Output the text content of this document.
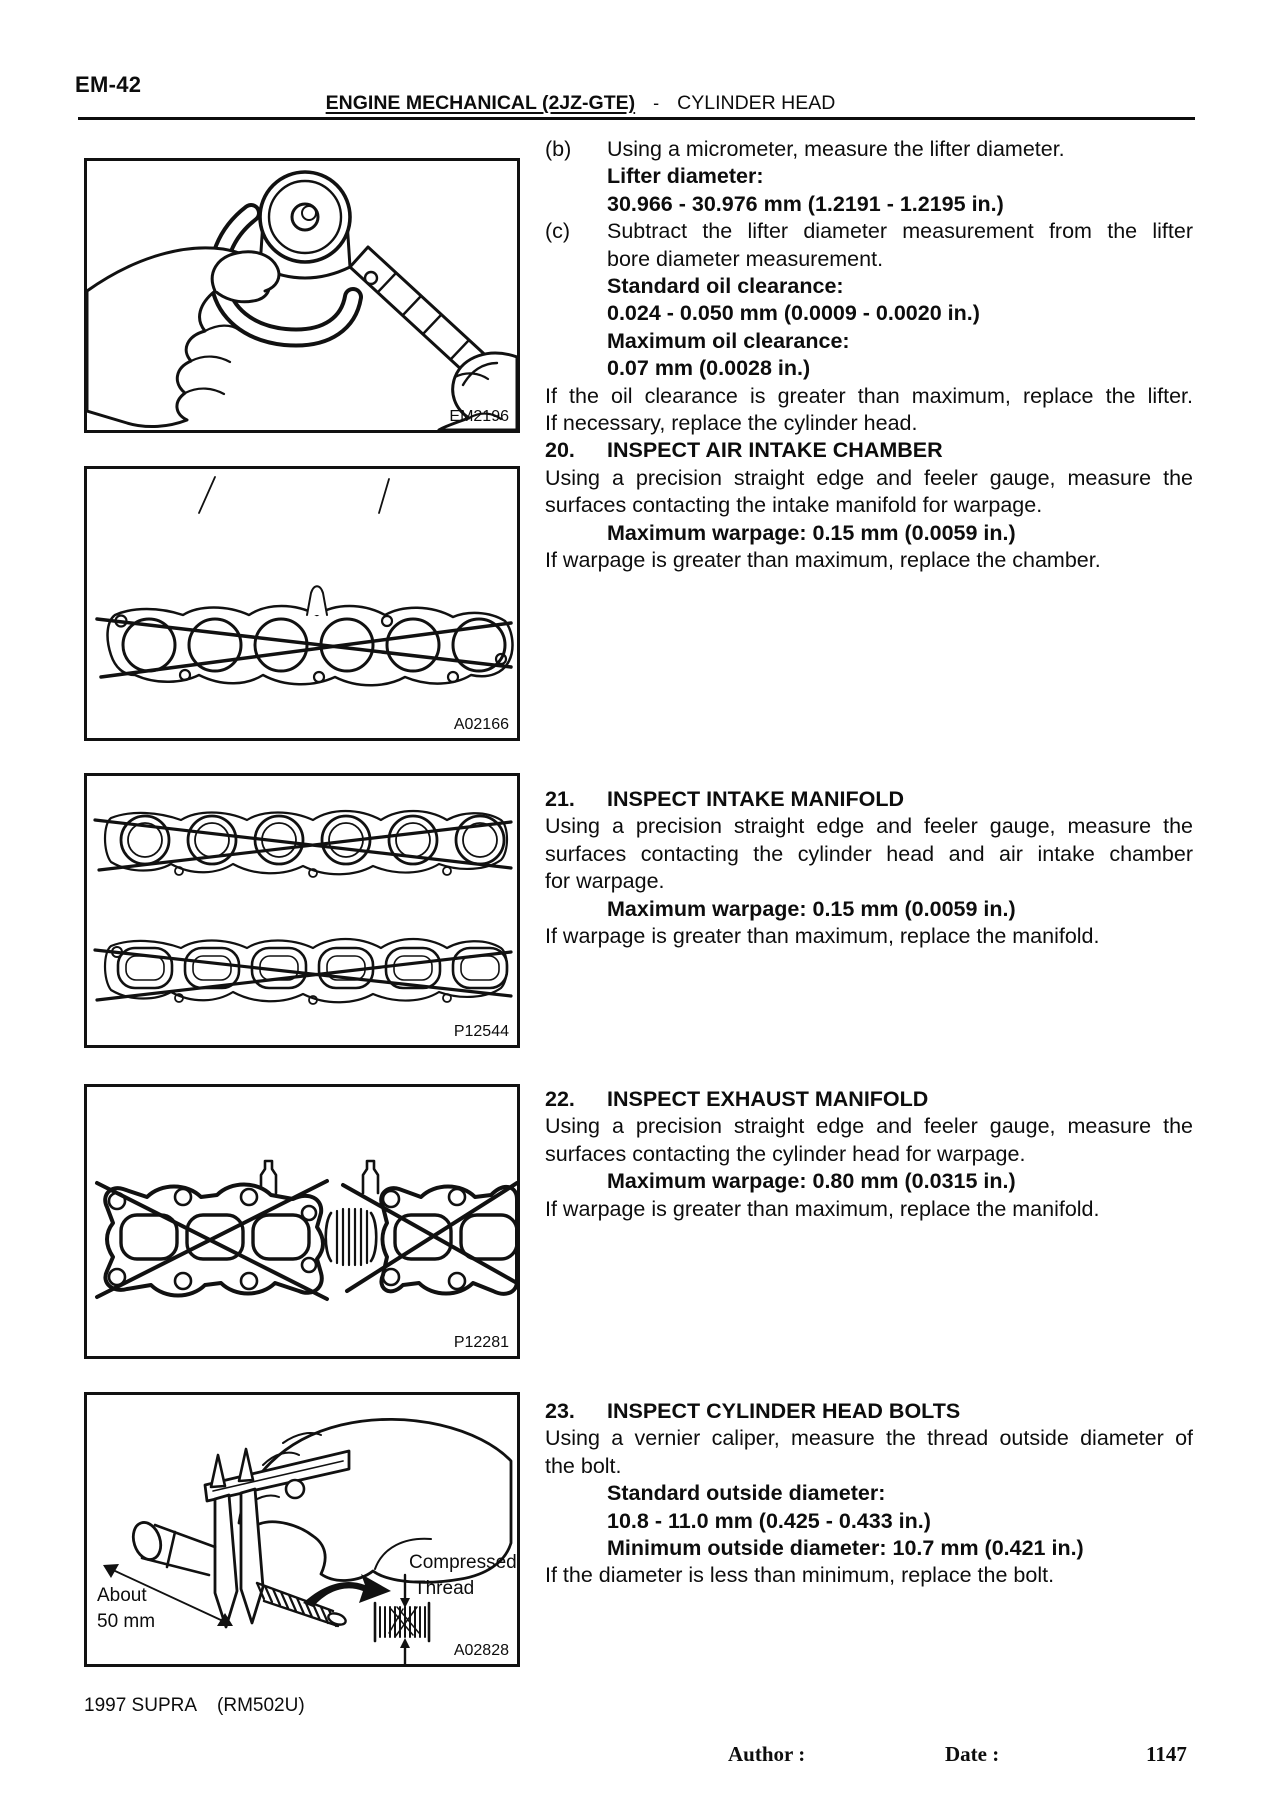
EM-42
ENGINE MECHANICAL (2JZ-GTE) - CYLINDER HEAD
EM2196
A02166
P12544
P12281
About
50 mm
Compressed
Thread
A02828
(b) Using a micrometer, measure the lifter diameter.
Lifter diameter:
30.966 - 30.976 mm (1.2191 - 1.2195 in.)
(c) Subtract the lifter diameter measurement from the lifter
bore diameter measurement.
Standard oil clearance:
0.024 - 0.050 mm (0.0009 - 0.0020 in.)
Maximum oil clearance:
0.07 mm (0.0028 in.)
If the oil clearance is greater than maximum, replace the lifter.
If necessary, replace the cylinder head.
20. INSPECT AIR INTAKE CHAMBER
Using a precision straight edge and feeler gauge, measure the
surfaces contacting the intake manifold for warpage.
Maximum warpage: 0.15 mm (0.0059 in.)
If warpage is greater than maximum, replace the chamber.
21. INSPECT INTAKE MANIFOLD
Using a precision straight edge and feeler gauge, measure the
surfaces contacting the cylinder head and air intake chamber
for warpage.
Maximum warpage: 0.15 mm (0.0059 in.)
If warpage is greater than maximum, replace the manifold.
22. INSPECT EXHAUST MANIFOLD
Using a precision straight edge and feeler gauge, measure the
surfaces contacting the cylinder head for warpage.
Maximum warpage: 0.80 mm (0.0315 in.)
If warpage is greater than maximum, replace the manifold.
23. INSPECT CYLINDER HEAD BOLTS
Using a vernier caliper, measure the thread outside diameter of
the bolt.
Standard outside diameter:
10.8 - 11.0 mm (0.425 - 0.433 in.)
Minimum outside diameter: 10.7 mm (0.421 in.)
If the diameter is less than minimum, replace the bolt.
1997 SUPRA (RM502U)
Author :	Date :	1147
